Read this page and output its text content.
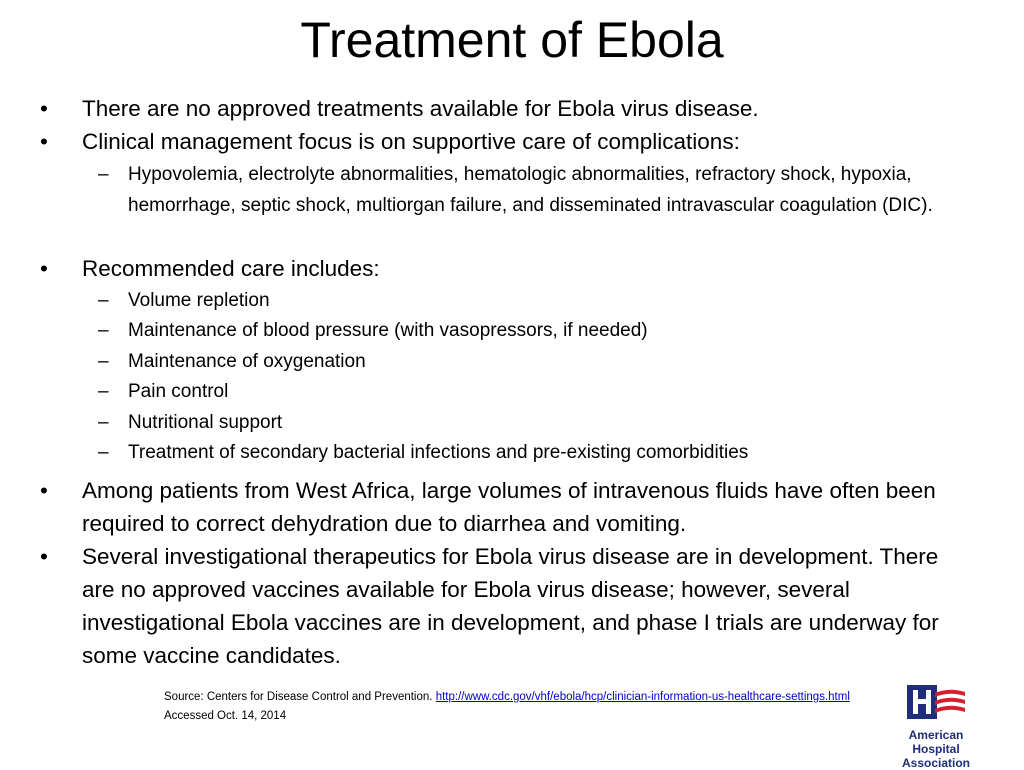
Treatment of Ebola
• There are no approved treatments available for Ebola virus disease.
• Clinical management focus is on supportive care of complications:
– Hypovolemia, electrolyte abnormalities, hematologic abnormalities, refractory shock, hypoxia, hemorrhage, septic shock, multiorgan failure, and disseminated intravascular coagulation (DIC).
• Recommended care includes:
– Volume repletion
– Maintenance of blood pressure (with vasopressors, if needed)
– Maintenance of oxygenation
– Pain control
– Nutritional support
– Treatment of secondary bacterial infections and pre-existing comorbidities
• Among patients from West Africa, large volumes of intravenous fluids have often been required to correct dehydration due to diarrhea and vomiting.
• Several investigational therapeutics for Ebola virus disease are in development. There are no approved vaccines available for Ebola virus disease; however, several investigational Ebola vaccines are in development, and phase I trials are underway for some vaccine candidates.
Source: Centers for Disease Control and Prevention. http://www.cdc.gov/vhf/ebola/hcp/clinician-information-us-healthcare-settings.html Accessed Oct. 14, 2014
American Hospital
Association
